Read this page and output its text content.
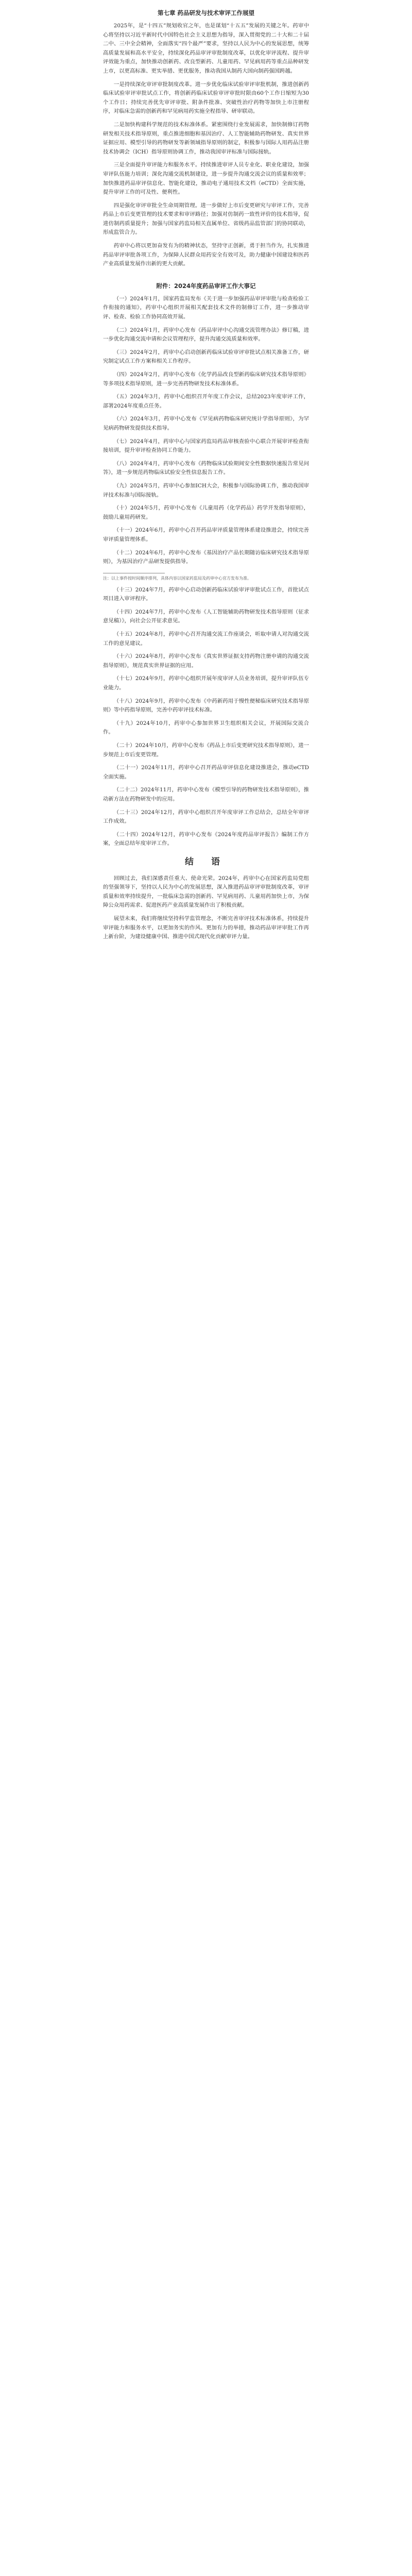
第七章 药品研发与技术审评工作展望

2025年，是“十四五”规划收官之年，也是谋划“十五五”发展的关键之年。药审中心将坚持以习近平新时代中国特色社会主义思想为指导，深入贯彻党的二十大和二十届二中、三中全会精神，全面落实“四个最严”要求，坚持以人民为中心的发展思想，统筹高质量发展和高水平安全，持续深化药品审评审批制度改革，以优化审评流程、提升审评效能为重点，加快推动创新药、改良型新药、儿童用药、罕见病用药等重点品种研发上市，以更高标准、更实举措、更优服务，推动我国从制药大国向制药强国跨越。

一是持续深化审评审批制度改革。进一步优化临床试验审评审批机制，推进创新药临床试验审评审批试点工作，将创新药临床试验审评审批时限由60个工作日缩短为30个工作日；持续完善优先审评审批、附条件批准、突破性治疗药物等加快上市注册程序，对临床急需的创新药和罕见病用药实施全程指导、研审联动。

二是加快构建科学规范的技术标准体系。紧密围绕行业发展需求，加快制修订药物研发相关技术指导原则，重点推进细胞和基因治疗、人工智能辅助药物研发、真实世界证据应用、模型引导的药物研发等新领域指导原则的制定，积极参与国际人用药品注册技术协调会（ICH）指导原则协调工作，推动我国审评标准与国际接轨。

三是全面提升审评能力和服务水平。持续推进审评人员专业化、职业化建设，加强审评队伍能力培训；深化沟通交流机制建设，进一步提升沟通交流会议的质量和效率；加快推进药品审评信息化、智能化建设，推动电子通用技术文档（eCTD）全面实施，提升审评工作的可及性、便利性。

四是强化审评审批全生命周期管理。进一步做好上市后变更研究与审评工作，完善药品上市后变更管理的技术要求和审评路径；加强对仿制药一致性评价的技术指导，促进仿制药质量提升；加强与国家药监局相关直属单位、省级药品监管部门的协同联动，形成监管合力。

药审中心将以更加奋发有为的精神状态，坚持守正创新，勇于担当作为，扎实推进药品审评审批各项工作，为保障人民群众用药安全有效可及，助力健康中国建设和医药产业高质量发展作出新的更大贡献。

附件：2024年度药品审评工作大事记

（一）2024年1月，国家药监局发布《关于进一步加强药品审评审批与检查检验工作衔接的通知》，药审中心组织开展相关配套技术文件的制修订工作，进一步推动审评、检查、检验工作协同高效开展。

（二）2024年1月，药审中心发布《药品审评中心沟通交流管理办法》修订稿，进一步优化沟通交流申请和会议管理程序，提升沟通交流质量和效率。

（三）2024年2月，药审中心启动创新药临床试验审评审批试点相关准备工作，研究制定试点工作方案和相关工作程序。

（四）2024年2月，药审中心发布《化学药品改良型新药临床研究技术指导原则》等多项技术指导原则，进一步完善药物研发技术标准体系。

（五）2024年3月，药审中心组织召开年度工作会议，总结2023年度审评工作，部署2024年度重点任务。

（六）2024年3月，药审中心发布《罕见病药物临床研究统计学指导原则》，为罕见病药物研发提供技术指导。

（七）2024年4月，药审中心与国家药监局药品审核查验中心联合开展审评检查衔接培训，提升审评检查协同工作能力。

（八）2024年4月，药审中心发布《药物临床试验期间安全性数据快速报告常见问答》，进一步规范药物临床试验安全性信息报告工作。

（九）2024年5月，药审中心参加ICH大会，积极参与国际协调工作，推动我国审评技术标准与国际接轨。

（十）2024年5月，药审中心发布《儿童用药（化学药品）药学开发指导原则》，鼓励儿童用药研发。

（十一）2024年6月，药审中心召开药品审评质量管理体系建设推进会，持续完善审评质量管理体系。

（十二）2024年6月，药审中心发布《基因治疗产品长期随访临床研究技术指导原则》，为基因治疗产品研发提供指导。

注：以上事件按时间顺序排列，具体内容以国家药监局及药审中心官方发布为准。

（十三）2024年7月，药审中心启动创新药临床试验审评审批试点工作，首批试点项目进入审评程序。

（十四）2024年7月，药审中心发布《人工智能辅助药物研发技术指导原则（征求意见稿）》，向社会公开征求意见。

（十五）2024年8月，药审中心召开沟通交流工作座谈会，听取申请人对沟通交流工作的意见建议。

（十六）2024年8月，药审中心发布《真实世界证据支持药物注册申请的沟通交流指导原则》，规范真实世界证据的应用。

（十七）2024年9月，药审中心组织开展年度审评人员业务培训，提升审评队伍专业能力。

（十八）2024年9月，药审中心发布《中药新药用于慢性便秘临床研究技术指导原则》等中药指导原则，完善中药审评技术标准。

（十九）2024年10月，药审中心参加世界卫生组织相关会议，开展国际交流合作。

（二十）2024年10月，药审中心发布《药品上市后变更研究技术指导原则》，进一步规范上市后变更管理。

（二十一）2024年11月，药审中心召开药品审评信息化建设推进会，推动eCTD全面实施。

（二十二）2024年11月，药审中心发布《模型引导的药物研发技术指导原则》，推动新方法在药物研发中的应用。

（二十三）2024年12月，药审中心组织召开年度审评工作总结会，总结全年审评工作成效。

（二十四）2024年12月，药审中心发布《2024年度药品审评报告》编制工作方案，全面总结年度审评工作。

结 语

回顾过去，我们深感责任重大、使命光荣。2024年，药审中心在国家药监局党组的坚强领导下，坚持以人民为中心的发展思想，深入推进药品审评审批制度改革，审评质量和效率持续提升，一批临床急需的创新药、罕见病用药、儿童用药加快上市，为保障公众用药需求、促进医药产业高质量发展作出了积极贡献。

展望未来，我们将继续坚持科学监管理念，不断完善审评技术标准体系，持续提升审评能力和服务水平，以更加务实的作风、更加有力的举措，推动药品审评审批工作再上新台阶，为建设健康中国、推进中国式现代化贡献审评力量。
